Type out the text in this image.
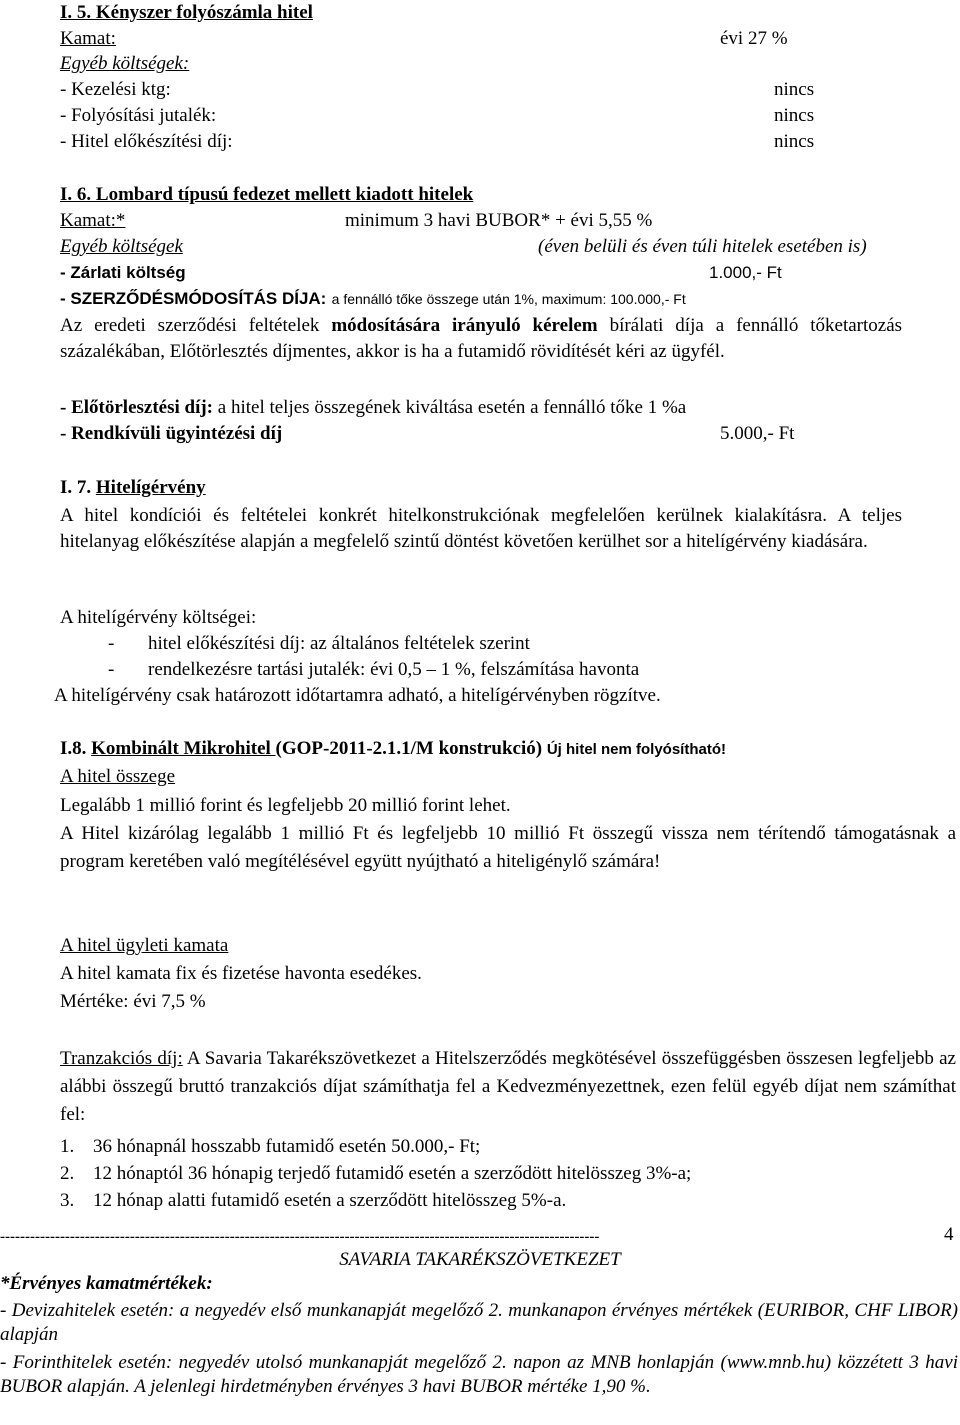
I. 5. Kényszer folyószámla hitel
Kamat:	évi 27 %
Egyéb költségek:
- Kezelési ktg:	nincs
- Folyósítási jutalék:	nincs
- Hitel előkészítési díj:	nincs
I. 6. Lombard típusú fedezet mellett kiadott hitelek
Kamat:*	minimum 3 havi BUBOR* + évi 5,55 %
Egyéb költségek	(éven belüli és éven túli hitelek esetében is)
- Zárlati költség	1.000,- Ft
- SZERZŐDÉSMÓDOSÍTÁS DÍJA: a fennálló tőke összege után 1%, maximum: 100.000,- Ft
Az eredeti szerződési feltételek módosítására irányuló kérelem bírálati díja a fennálló tőketartozás százalékában, Előtörlesztés díjmentes, akkor is ha a futamidő rövidítését kéri az ügyfél.
- Előtörlesztési díj: a hitel teljes összegének kiváltása esetén a fennálló tőke 1 %a
- Rendkívüli ügyintézési díj	5.000,- Ft
I. 7. Hitelígérvény
A hitel kondíciói és feltételei konkrét hitelkonstrukciónak megfelelően kerülnek kialakításra. A teljes hitelanyag előkészítése alapján a megfelelő szintű döntést követően kerülhet sor a hitelígérvény kiadására.
A hitelígérvény költségei:
- hitel előkészítési díj: az általános feltételek szerint
- rendelkezésre tartási jutalék: évi 0,5 – 1 %, felszámítása havonta
A hitelígérvény csak határozott időtartamra adható, a hitelígérvényben rögzítve.
I.8. Kombinált Mikrohitel (GOP-2011-2.1.1/M konstrukció) Új hitel nem folyósítható!
A hitel összege
Legalább 1 millió forint és legfeljebb 20 millió forint lehet.
A Hitel kizárólag legalább 1 millió Ft és legfeljebb 10 millió Ft összegű vissza nem térítendő támogatásnak a program keretében való megítélésével együtt nyújtható a hiteligénylő számára!
A hitel ügyleti kamata
A hitel kamata fix és fizetése havonta esedékes.
Mértéke: évi 7,5 %
Tranzakciós díj: A Savaria Takarékszövetkezet a Hitelszerződés megkötésével összefüggésben összesen legfeljebb az alábbi összegű bruttó tranzakciós díjat számíthatja fel a Kedvezményezettnek, ezen felül egyéb díjat nem számíthat fel:
1. 36 hónapnál hosszabb futamidő esetén 50.000,- Ft;
2. 12 hónaptól 36 hónapig terjedő futamidő esetén a szerződött hitelösszeg 3%-a;
3. 12 hónap alatti futamidő esetén a szerződött hitelösszeg 5%-a.
------------------------------------------------------------------------------------------------------------------------	4
SAVARIA TAKARÉKSZÖVETKEZET
*Érvényes kamatmértékek:
- Devizahitelek esetén: a negyedév első munkanapját megelőző 2. munkanapon érvényes mértékek (EURIBOR, CHF LIBOR) alapján
- Forinthitelek esetén: negyedév utolsó munkanapját megelőző 2. napon az MNB honlapján (www.mnb.hu) közzétett 3 havi BUBOR alapján. A jelenlegi hirdetményben érvényes 3 havi BUBOR mértéke 1,90 %.
